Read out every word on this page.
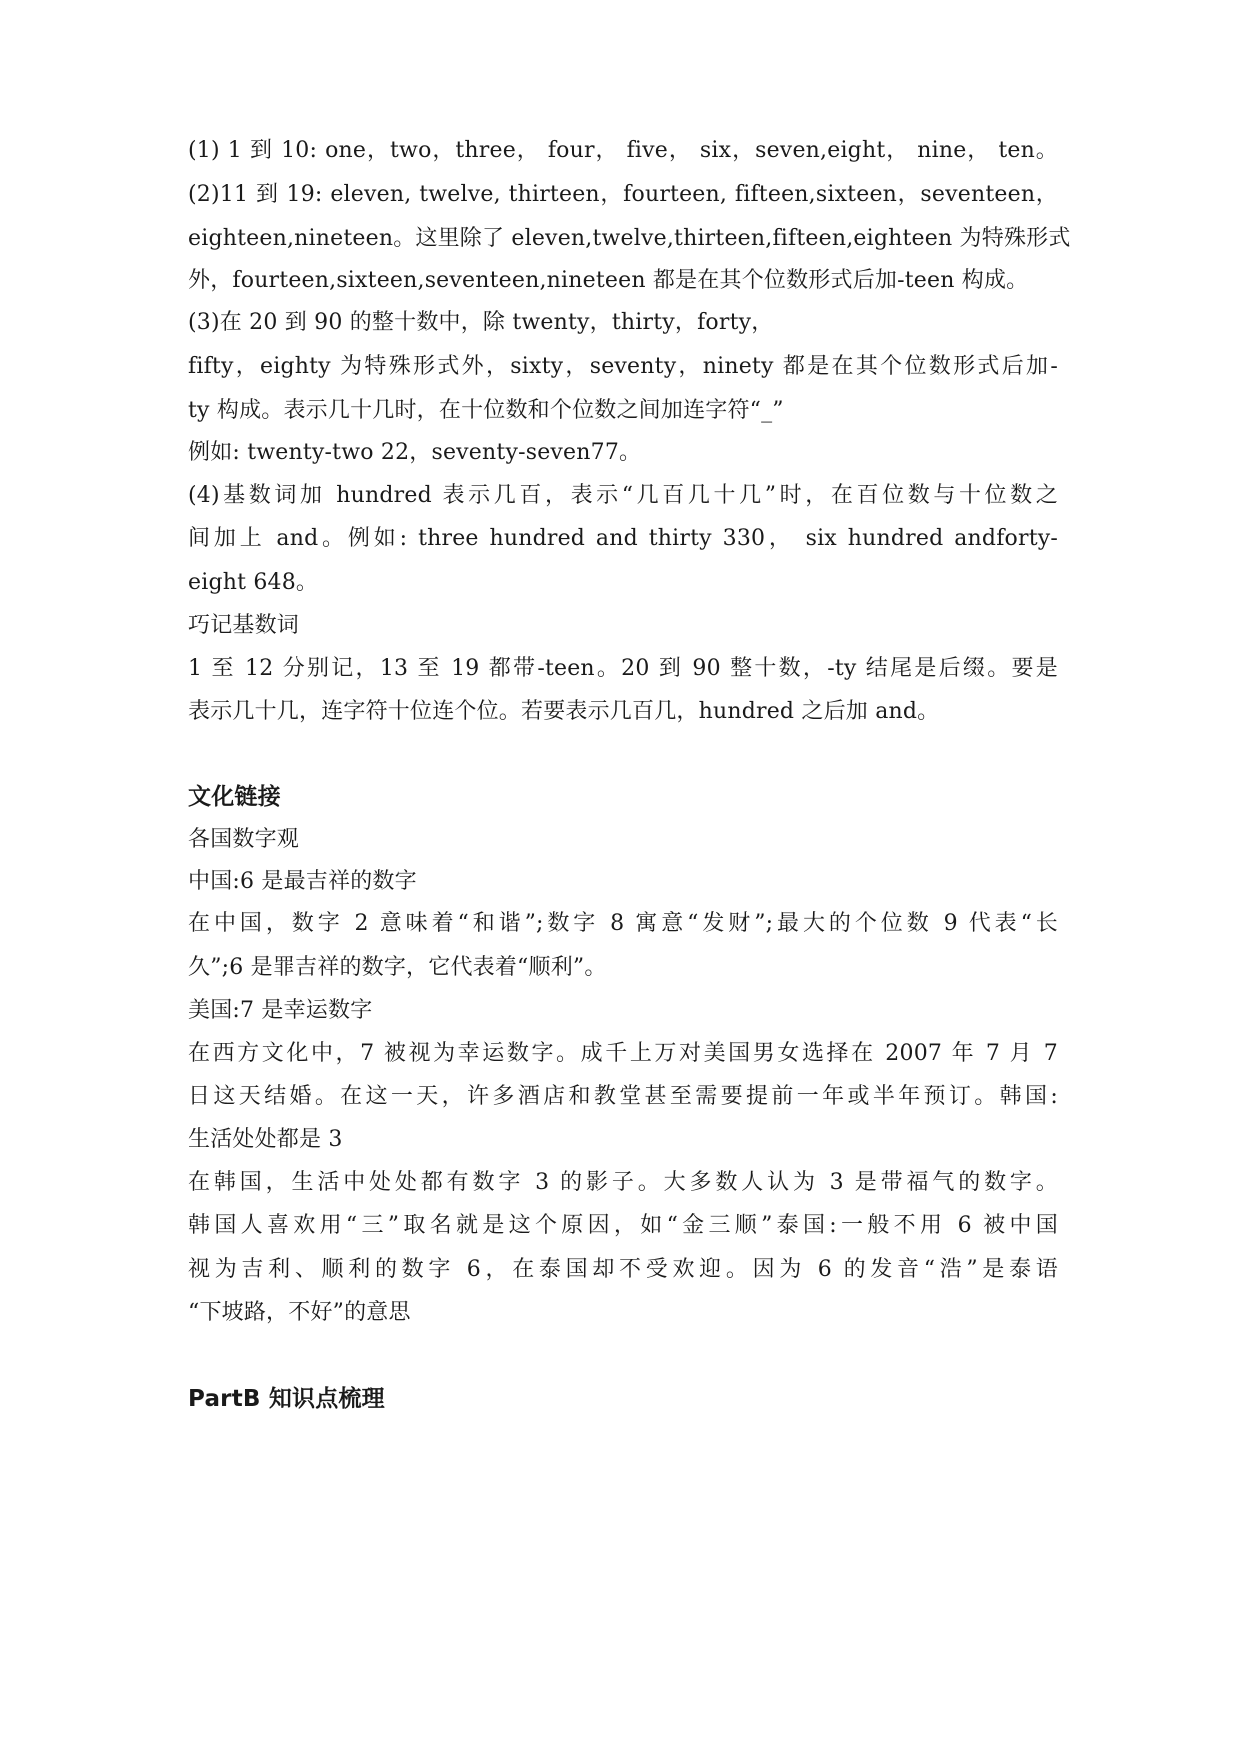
(1) 1 到 10: one，two，three， four， five， six，seven,eight， nine， ten。
(2)11 到 19: eleven, twelve, thirteen，fourteen, fifteen,sixteen，seventeen，
eighteen,nineteen。这里除了 eleven,twelve,thirteen,fifteen,eighteen 为特殊形式
外，fourteen,sixteen,seventeen,nineteen 都是在其个位数形式后加-teen 构成。
(3)在 20 到 90 的整十数中，除 twenty，thirty，forty，
fifty，eighty 为特殊形式外，sixty，seventy，ninety 都是在其个位数形式后加-
ty 构成。表示几十几时，在十位数和个位数之间加连字符“_”
例如: twenty-two 22，seventy-seven77。
(4)基数词加 hundred 表示几百，表示“几百几十几”时，在百位数与十位数之
间加上 and。例如: three hundred and thirty 330， six hundred andforty-
eight 648。
巧记基数词
1 至 12 分别记，13 至 19 都带-teen。20 到 90 整十数，-ty 结尾是后缀。要是
表示几十几，连字符十位连个位。若要表示几百几，hundred 之后加 and。
文化链接
各国数字观
中国:6 是最吉祥的数字
在中国，数字 2 意味着“和谐”;数字 8 寓意“发财”;最大的个位数 9 代表“长
久”;6 是罪吉祥的数字，它代表着“顺利”。
美国:7 是幸运数字
在西方文化中，7 被视为幸运数字。成千上万对美国男女选择在 2007 年 7 月 7
日这天结婚。在这一天，许多酒店和教堂甚至需要提前一年或半年预订。韩国:
生活处处都是 3
在韩国，生活中处处都有数字 3 的影子。大多数人认为 3 是带福气的数字。
韩国人喜欢用“三”取名就是这个原因，如“金三顺”泰国:一般不用 6 被中国
视为吉利、顺利的数字 6，在泰国却不受欢迎。因为 6 的发音“浩”是泰语
“下坡路，不好”的意思
PartB 知识点梳理
